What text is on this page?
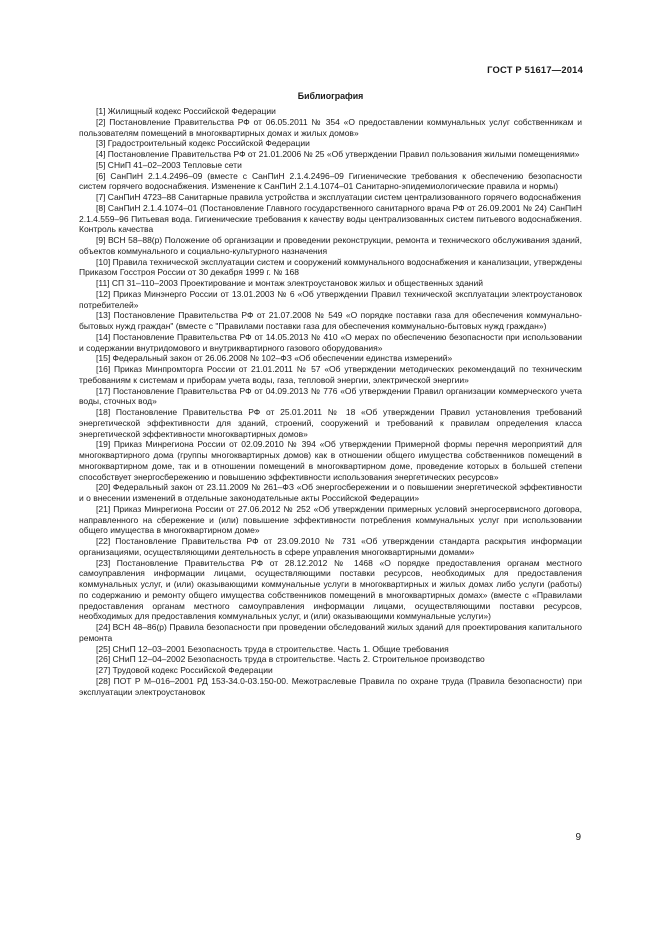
ГОСТ Р 51617—2014
Библиография
[1] Жилищный кодекс Российской Федерации
[2] Постановление Правительства РФ от 06.05.2011 № 354 «О предоставлении коммунальных услуг собственникам и пользователям помещений в многоквартирных домах и жилых домов»
[3] Градостроительный кодекс Российской Федерации
[4] Постановление Правительства РФ от 21.01.2006 № 25 «Об утверждении Правил пользования жилыми помещениями»
[5] СНиП 41–02–2003 Тепловые сети
[6] СанПиН 2.1.4.2496–09 (вместе с СанПиН 2.1.4.2496–09 Гигиенические требования к обеспечению безопасности систем горячего водоснабжения. Изменение к СанПиН 2.1.4.1074–01 Санитарно-эпидемиологические правила и нормы)
[7] СанПиН 4723–88 Санитарные правила устройства и эксплуатации систем централизованного горячего водоснабжения
[8] СанПиН 2.1.4.1074–01 (Постановление Главного государственного санитарного врача РФ от 26.09.2001 № 24) СанПиН 2.1.4.559–96 Питьевая вода. Гигиенические требования к качеству воды централизованных систем питьевого водоснабжения. Контроль качества
[9] ВСН 58–88(р) Положение об организации и проведении реконструкции, ремонта и технического обслуживания зданий, объектов коммунального и социально-культурного назначения
[10] Правила технической эксплуатации систем и сооружений коммунального водоснабжения и канализации, утверждены Приказом Госстроя России от 30 декабря 1999 г. № 168
[11] СП 31–110–2003 Проектирование и монтаж электроустановок жилых и общественных зданий
[12] Приказ Минэнерго России от 13.01.2003 № 6 «Об утверждении Правил технической эксплуатации электроустановок потребителей»
[13] Постановление Правительства РФ от 21.07.2008 № 549 «О порядке поставки газа для обеспечения коммунально-бытовых нужд граждан" (вместе с "Правилами поставки газа для обеспечения коммунально-бытовых нужд граждан»)
[14] Постановление Правительства РФ от 14.05.2013 № 410 «О мерах по обеспечению безопасности при использовании и содержании внутридомового и внутриквартирного газового оборудования»
[15] Федеральный закон от 26.06.2008 № 102–ФЗ «Об обеспечении единства измерений»
[16] Приказ Минпромторга России от 21.01.2011 № 57 «Об утверждении методических рекомендаций по техническим требованиям к системам и приборам учета воды, газа, тепловой энергии, электрической энергии»
[17] Постановление Правительства РФ от 04.09.2013 № 776 «Об утверждении Правил организации коммерческого учета воды, сточных вод»
[18] Постановление Правительства РФ от 25.01.2011 № 18 «Об утверждении Правил установления требований энергетической эффективности для зданий, строений, сооружений и требований к правилам определения класса энергетической эффективности многоквартирных домов»
[19] Приказ Минрегиона России от 02.09.2010 № 394 «Об утверждении Примерной формы перечня мероприятий для многоквартирного дома (группы многоквартирных домов) как в отношении общего имущества собственников помещений в многоквартирном доме, так и в отношении помещений в многоквартирном доме, проведение которых в большей степени способствует энергосбережению и повышению эффективности использования энергетических ресурсов»
[20] Федеральный закон от 23.11.2009 № 261–ФЗ «Об энергосбережении и о повышении энергетической эффективности и о внесении изменений в отдельные законодательные акты Российской Федерации»
[21] Приказ Минрегиона России от 27.06.2012 № 252 «Об утверждении примерных условий энергосервисного договора, направленного на сбережение и (или) повышение эффективности потребления коммунальных услуг при использовании общего имущества в многоквартирном доме»
[22] Постановление Правительства РФ от 23.09.2010 № 731 «Об утверждении стандарта раскрытия информации организациями, осуществляющими деятельность в сфере управления многоквартирными домами»
[23] Постановление Правительства РФ от 28.12.2012 № 1468 «О порядке предоставления органам местного самоуправления информации лицами, осуществляющими поставки ресурсов, необходимых для предоставления коммунальных услуг, и (или) оказывающими коммунальные услуги в многоквартирных и жилых домах либо услуги (работы) по содержанию и ремонту общего имущества собственников помещений в многоквартирных домах» (вместе с «Правилами предоставления органам местного самоуправления информации лицами, осуществляющими поставки ресурсов, необходимых для предоставления коммунальных услуг, и (или) оказывающими коммунальные услуги»)
[24] ВСН 48–86(р) Правила безопасности при проведении обследований жилых зданий для проектирования капитального ремонта
[25] СНиП 12–03–2001 Безопасность труда в строительстве. Часть 1. Общие требования
[26] СНиП 12–04–2002 Безопасность труда в строительстве. Часть 2. Строительное производство
[27] Трудовой кодекс Российской Федерации
[28] ПОТ Р М–016–2001 РД 153-34.0-03.150-00. Межотраслевые Правила по охране труда (Правила безопасности) при эксплуатации электроустановок
9
